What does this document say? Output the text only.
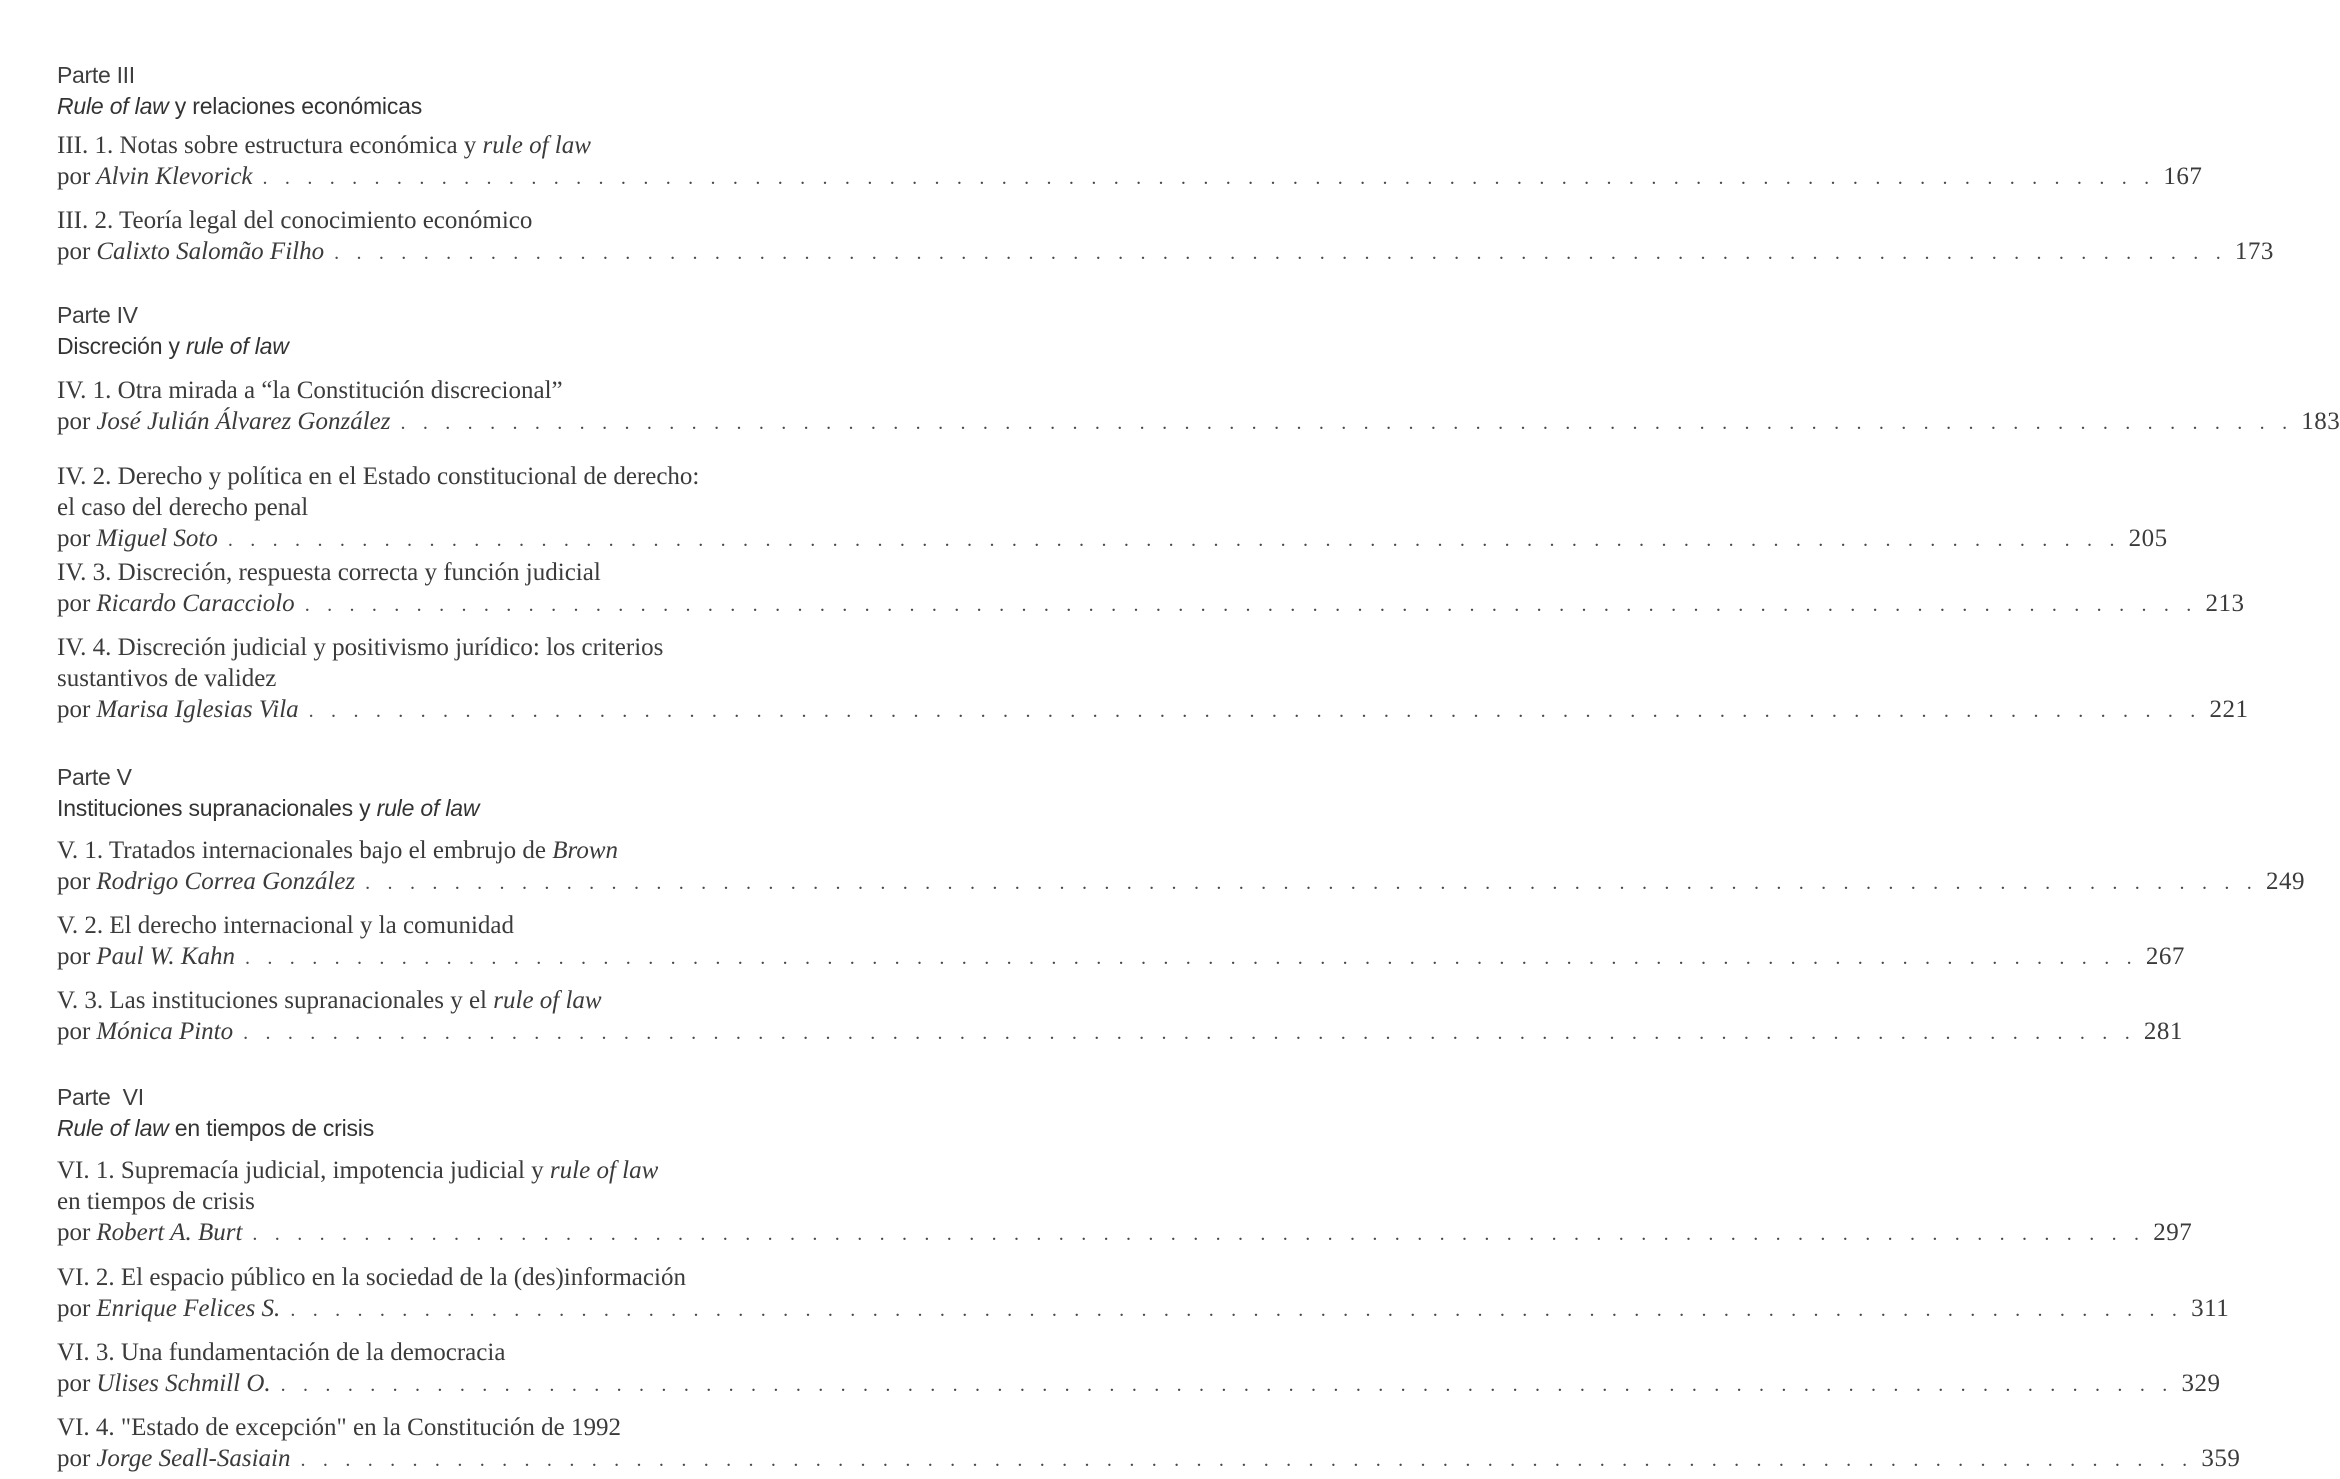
Parte III
Rule of law y relaciones económicas
III. 1. Notas sobre estructura económica y rule of law
por Alvin Klevorick . . . . . . . . . . . . . . . . . . . . . . . . . . . . . . . . . . . . . . . . . . . . . . . . . . . . . . . . . . . . . . . . . . . . . . . . . . . . . . . . . . . . . 167
III. 2. Teoría legal del conocimiento económico
por Calixto Salomão Filho . . . . . . . . . . . . . . . . . . . . . . . . . . . . . . . . . . . . . . . . . . . . . . . . . . . . . . . . . . . . . . . . . . . . . . . . . . . . . . . . . . . . . 173
Parte IV
Discreción y rule of law
IV. 1. Otra mirada a “la Constitución discrecional”
por José Julián Álvarez González . . . . . . . . . . . . . . . . . . . . . . . . . . . . . . . . . . . . . . . . . . . . . . . . . . . . . . . . . . . . . . . . . . . . . . . . . . . . . . . . . . . . . 183
IV. 2. Derecho y política en el Estado constitucional de derecho:
el caso del derecho penal
por Miguel Soto . . . . . . . . . . . . . . . . . . . . . . . . . . . . . . . . . . . . . . . . . . . . . . . . . . . . . . . . . . . . . . . . . . . . . . . . . . . . . . . . . . . . . 205
IV. 3. Discreción, respuesta correcta y función judicial
por Ricardo Caracciolo . . . . . . . . . . . . . . . . . . . . . . . . . . . . . . . . . . . . . . . . . . . . . . . . . . . . . . . . . . . . . . . . . . . . . . . . . . . . . . . . . . . . . 213
IV. 4. Discreción judicial y positivismo jurídico: los criterios
sustantivos de validez
por Marisa Iglesias Vila . . . . . . . . . . . . . . . . . . . . . . . . . . . . . . . . . . . . . . . . . . . . . . . . . . . . . . . . . . . . . . . . . . . . . . . . . . . . . . . . . . . . . 221
Parte V
Instituciones supranacionales y rule of law
V. 1. Tratados internacionales bajo el embrujo de Brown
por Rodrigo Correa González . . . . . . . . . . . . . . . . . . . . . . . . . . . . . . . . . . . . . . . . . . . . . . . . . . . . . . . . . . . . . . . . . . . . . . . . . . . . . . . . . . . . . 249
V. 2. El derecho internacional y la comunidad
por Paul W. Kahn . . . . . . . . . . . . . . . . . . . . . . . . . . . . . . . . . . . . . . . . . . . . . . . . . . . . . . . . . . . . . . . . . . . . . . . . . . . . . . . . . . . . . 267
V. 3. Las instituciones supranacionales y el rule of law
por Mónica Pinto . . . . . . . . . . . . . . . . . . . . . . . . . . . . . . . . . . . . . . . . . . . . . . . . . . . . . . . . . . . . . . . . . . . . . . . . . . . . . . . . . . . . . 281
Parte  VI
Rule of law en tiempos de crisis
VI. 1. Supremacía judicial, impotencia judicial y rule of law
en tiempos de crisis
por Robert A. Burt . . . . . . . . . . . . . . . . . . . . . . . . . . . . . . . . . . . . . . . . . . . . . . . . . . . . . . . . . . . . . . . . . . . . . . . . . . . . . . . . . . . . . 297
VI. 2. El espacio público en la sociedad de la (des)información
por Enrique Felices S. . . . . . . . . . . . . . . . . . . . . . . . . . . . . . . . . . . . . . . . . . . . . . . . . . . . . . . . . . . . . . . . . . . . . . . . . . . . . . . . . . . . . . 311
VI. 3. Una fundamentación de la democracia
por Ulises Schmill O. . . . . . . . . . . . . . . . . . . . . . . . . . . . . . . . . . . . . . . . . . . . . . . . . . . . . . . . . . . . . . . . . . . . . . . . . . . . . . . . . . . . . . 329
VI. 4. "Estado de excepción" en la Constitución de 1992
por Jorge Seall-Sasiain . . . . . . . . . . . . . . . . . . . . . . . . . . . . . . . . . . . . . . . . . . . . . . . . . . . . . . . . . . . . . . . . . . . . . . . . . . . . . . . . . . . . . 359
